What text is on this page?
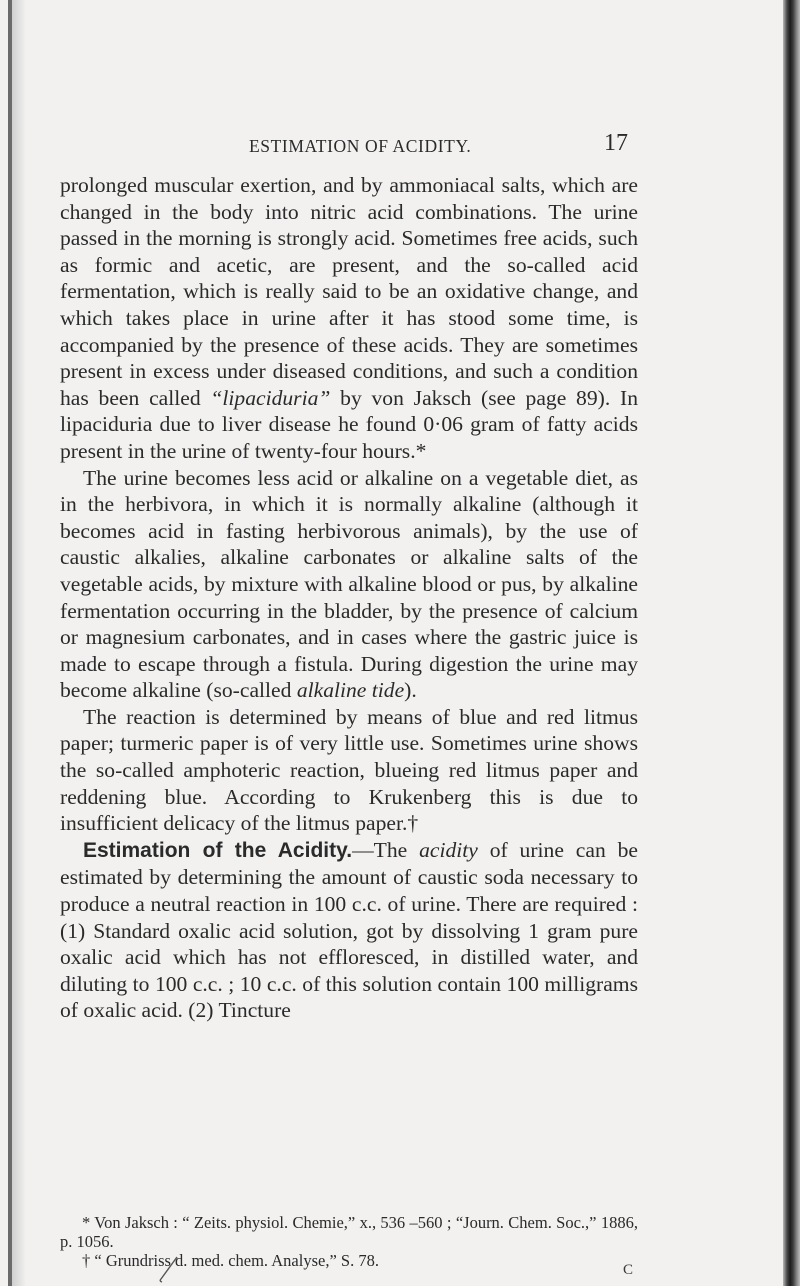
ESTIMATION OF ACIDITY.	17

prolonged muscular exertion, and by ammoniacal salts, which are changed in the body into nitric acid combinations. The urine passed in the morning is strongly acid. Sometimes free acids, such as formic and acetic, are present, and the so-called acid fermentation, which is really said to be an oxidative change, and which takes place in urine after it has stood some time, is accompanied by the presence of these acids. They are sometimes present in excess under diseased conditions, and such a condition has been called “lipaciduria” by von Jaksch (see page 89). In lipaciduria due to liver disease he found 0·06 gram of fatty acids present in the urine of twenty-four hours.*

The urine becomes less acid or alkaline on a vegetable diet, as in the herbivora, in which it is normally alkaline (although it becomes acid in fasting herbivorous animals), by the use of caustic alkalies, alkaline carbonates or alkaline salts of the vegetable acids, by mixture with alkaline blood or pus, by alkaline fermentation occurring in the bladder, by the presence of calcium or magnesium carbonates, and in cases where the gastric juice is made to escape through a fistula. During digestion the urine may become alkaline (so-called alkaline tide).

The reaction is determined by means of blue and red litmus paper; turmeric paper is of very little use. Sometimes urine shows the so-called amphoteric reaction, blueing red litmus paper and reddening blue. According to Krukenberg this is due to insufficient delicacy of the litmus paper.†

Estimation of the Acidity.—The acidity of urine can be estimated by determining the amount of caustic soda necessary to produce a neutral reaction in 100 c.c. of urine. There are required : (1) Standard oxalic acid solution, got by dissolving 1 gram pure oxalic acid which has not effloresced, in distilled water, and diluting to 100 c.c. ; 10 c.c. of this solution contain 100 milligrams of oxalic acid. (2) Tincture

* Von Jaksch : “ Zeits. physiol. Chemie,” x., 536 –560 ; “Journ. Chem. Soc.,” 1886, p. 1056.

† “ Grundriss d. med. chem. Analyse,” S. 78.	C
